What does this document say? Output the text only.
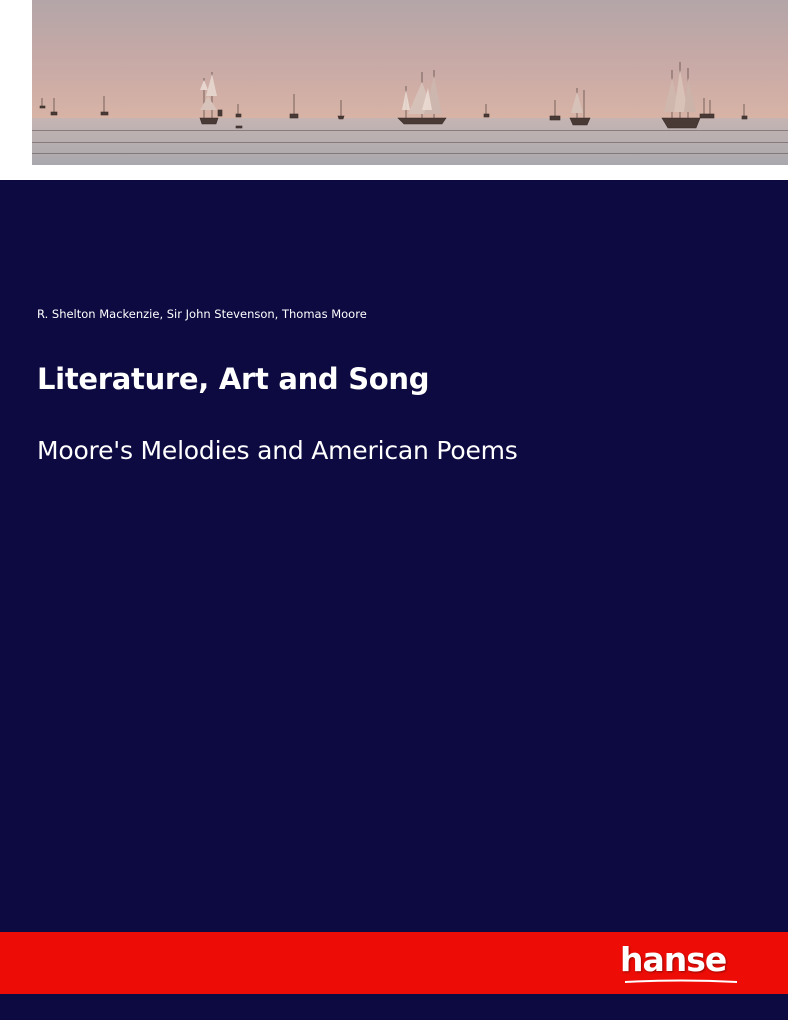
R. Shelton Mackenzie, Sir John Stevenson, Thomas Moore

Literature, Art and Song
Moore's Melodies and American Poems

hanse
